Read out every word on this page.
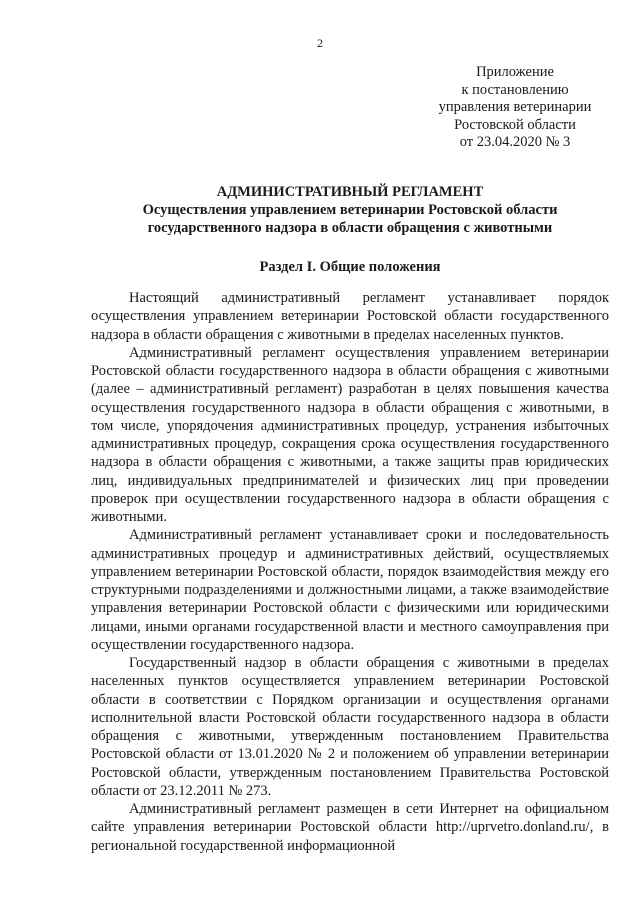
2
Приложение
к постановлению
управления ветеринарии
Ростовской области
от 23.04.2020 № 3
АДМИНИСТРАТИВНЫЙ РЕГЛАМЕНТ
Осуществления управлением ветеринарии Ростовской области
государственного надзора в области обращения с животными
Раздел I. Общие положения

Настоящий административный регламент устанавливает порядок осуществления управлением ветеринарии Ростовской области государственного надзора в области обращения с животными в пределах населенных пунктов.

Административный регламент осуществления управлением ветеринарии Ростовской области государственного надзора в области обращения с животными (далее – административный регламент) разработан в целях повышения качества осуществления государственного надзора в области обращения с животными, в том числе, упорядочения административных процедур, устранения избыточных административных процедур, сокращения срока осуществления государственного надзора в области обращения с животными, а также защиты прав юридических лиц, индивидуальных предпринимателей и физических лиц при проведении проверок при осуществлении государственного надзора в области обращения с животными.

Административный регламент устанавливает сроки и последовательность административных процедур и административных действий, осуществляемых управлением ветеринарии Ростовской области, порядок взаимодействия между его структурными подразделениями и должностными лицами, а также взаимодействие управления ветеринарии Ростовской области с физическими или юридическими лицами, иными органами государственной власти и местного самоуправления при осуществлении государственного надзора.

Государственный надзор в области обращения с животными в пределах населенных пунктов осуществляется управлением ветеринарии Ростовской области в соответствии с Порядком организации и осуществления органами исполнительной власти Ростовской области государственного надзора в области обращения с животными, утвержденным постановлением Правительства Ростовской области от 13.01.2020 № 2 и положением об управлении ветеринарии Ростовской области, утвержденным постановлением Правительства Ростовской области от 23.12.2011 № 273.

Административный регламент размещен в сети Интернет на официальном сайте управления ветеринарии Ростовской области http://uprvetro.donland.ru/, в региональной государственной информационной
